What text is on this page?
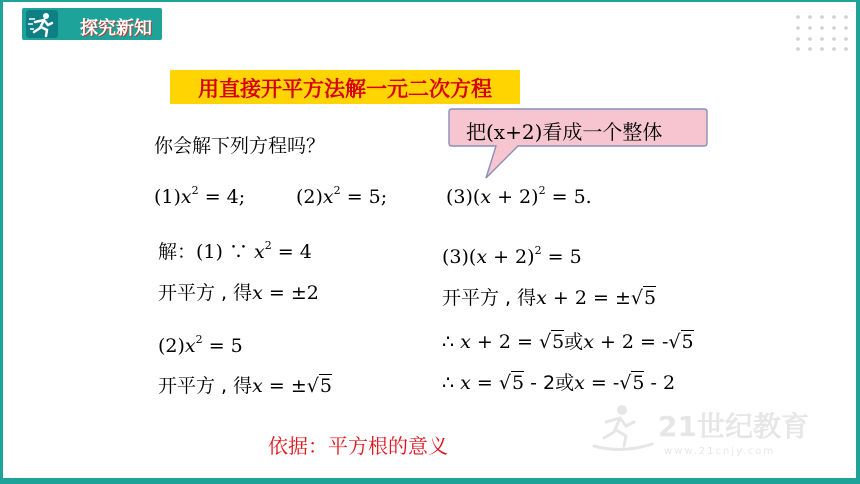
探究新知
用直接开平方法解一元二次方程
把(x+2)看成一个整体
你会解下列方程吗？
$(1)x^2 = 4$;	$(2)x^2 = 5$;	$(3)(x + 2)^2 = 5$.
解：(1) ∵ $x^2 = 4$
开平方 , 得x = ±2
$(2)x^2 = 5$
开平方 , 得x = ±√5
$(3)(x + 2)^2 = 5$
开平方 , 得x + 2 = ±√5
∴ x + 2 = √5或x + 2 = -√5
∴ x = √5 - 2或x = -√5 - 2
依据：平方根的意义
21世纪教育
www.21cnjy.com
